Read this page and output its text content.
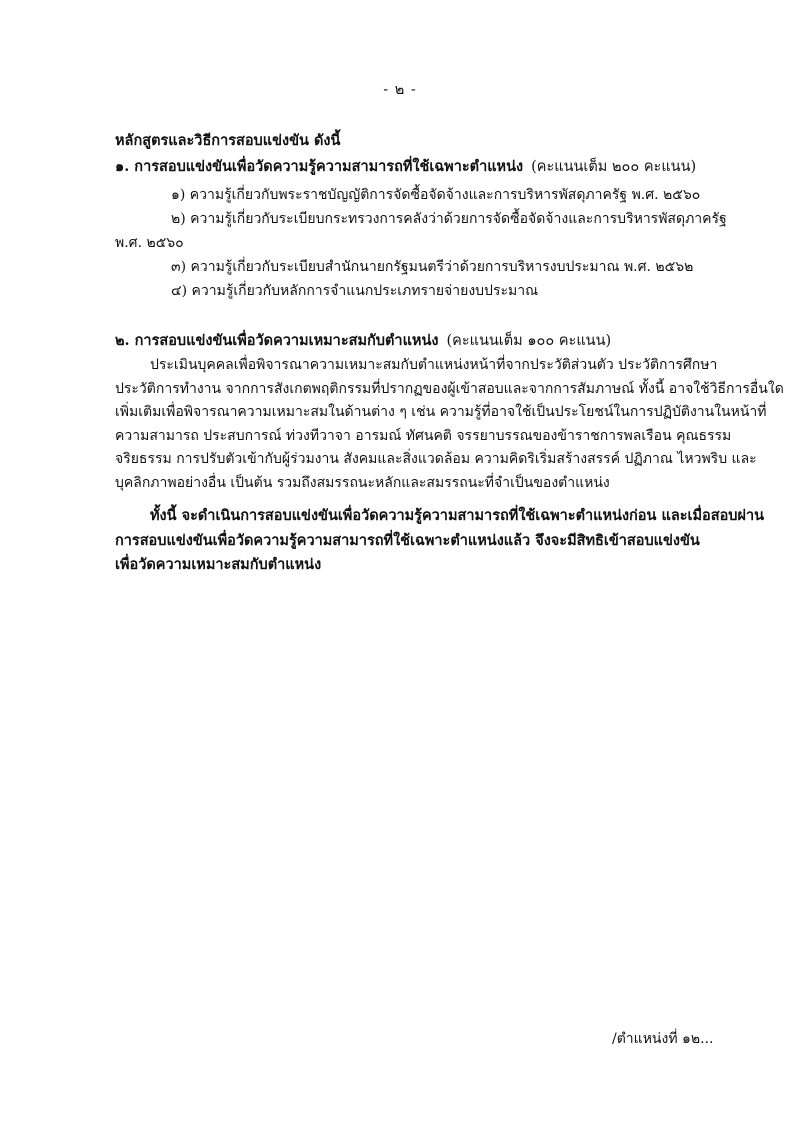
- ๒ -

หลักสูตรและวิธีการสอบแข่งขัน ดังนี้

๑. การสอบแข่งขันเพื่อวัดความรู้ความสามารถที่ใช้เฉพาะตำแหน่ง (คะแนนเต็ม ๒๐๐ คะแนน)

๑) ความรู้เกี่ยวกับพระราชบัญญัติการจัดซื้อจัดจ้างและการบริหารพัสดุภาครัฐ พ.ศ. ๒๕๖๐

๒) ความรู้เกี่ยวกับระเบียบกระทรวงการคลังว่าด้วยการจัดซื้อจัดจ้างและการบริหารพัสดุภาครัฐ

พ.ศ. ๒๕๖๐

๓) ความรู้เกี่ยวกับระเบียบสำนักนายกรัฐมนตรีว่าด้วยการบริหารงบประมาณ พ.ศ. ๒๕๖๒

๔) ความรู้เกี่ยวกับหลักการจำแนกประเภทรายจ่ายงบประมาณ

๒. การสอบแข่งขันเพื่อวัดความเหมาะสมกับตำแหน่ง (คะแนนเต็ม ๑๐๐ คะแนน)

ประเมินบุคคลเพื่อพิจารณาความเหมาะสมกับตำแหน่งหน้าที่จากประวัติส่วนตัว ประวัติการศึกษา

ประวัติการทำงาน จากการสังเกตพฤติกรรมที่ปรากฏของผู้เข้าสอบและจากการสัมภาษณ์ ทั้งนี้ อาจใช้วิธีการอื่นใด

เพิ่มเติมเพื่อพิจารณาความเหมาะสมในด้านต่าง ๆ เช่น ความรู้ที่อาจใช้เป็นประโยชน์ในการปฏิบัติงานในหน้าที่

ความสามารถ ประสบการณ์ ท่วงทีวาจา อารมณ์ ทัศนคติ จรรยาบรรณของข้าราชการพลเรือน คุณธรรม

จริยธรรม การปรับตัวเข้ากับผู้ร่วมงาน สังคมและสิ่งแวดล้อม ความคิดริเริ่มสร้างสรรค์ ปฏิภาณ ไหวพริบ และ

บุคลิกภาพอย่างอื่น เป็นต้น รวมถึงสมรรถนะหลักและสมรรถนะที่จำเป็นของตำแหน่ง

ทั้งนี้ จะดำเนินการสอบแข่งขันเพื่อวัดความรู้ความสามารถที่ใช้เฉพาะตำแหน่งก่อน และเมื่อสอบผ่าน

การสอบแข่งขันเพื่อวัดความรู้ความสามารถที่ใช้เฉพาะตำแหน่งแล้ว จึงจะมีสิทธิเข้าสอบแข่งขัน

เพื่อวัดความเหมาะสมกับตำแหน่ง

/ตำแหน่งที่ ๑๒...
